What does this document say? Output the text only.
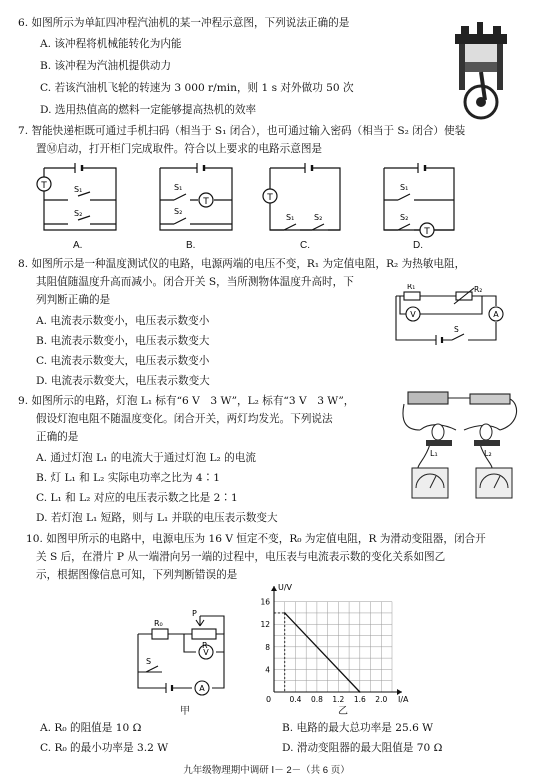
6. 如图所示为单缸四冲程汽油机的某一冲程示意图，下列说法正确的是
A. 该冲程将机械能转化为内能
B. 该冲程为汽油机提供动力
C. 若该汽油机飞轮的转速为 3 000 r/min，则 1 s 对外做功 50 次
D. 选用热值高的燃料一定能够提高热机的效率
7. 智能快递柜既可通过手机扫码（相当于 S₁ 闭合），也可通过输入密码（相当于 S₂ 闭合）使装
置Ⓜ启动，打开柜门完成取件。符合以上要求的电路示意图是
T	S₁
S₂
A.
T
S₁
S₂
B.
T
S₁ S₂
C.
T
S₁
S₂
D.
8. 如图所示是一种温度测试仪的电路，电源两端的电压不变，R₁ 为定值电阻，R₂ 为热敏电阻，
其阻值随温度升高而减小。闭合开关 S，当所测物体温度升高时，下
列判断正确的是
A. 电流表示数变小，电压表示数变小
B. 电流表示数变小，电压表示数变大
C. 电流表示数变大，电压表示数变小
D. 电流表示数变大，电压表示数变大
V	A
R₁	R₂
S
9. 如图所示的电路，灯泡 L₁ 标有“6 V　3 W”，L₂ 标有“3 V　3 W”，
假设灯泡电阻不随温度变化。闭合开关，两灯均发光。下列说法
正确的是
A. 通过灯泡 L₁ 的电流大于通过灯泡 L₂ 的电流
B. 灯 L₁ 和 L₂ 实际电功率之比为 4∶1
C. L₁ 和 L₂ 对应的电压表示数之比是 2∶1
D. 若灯泡 L₁ 短路，则与 L₁ 并联的电压表示数变大
L₁	L₂
10. 如图甲所示的电路中，电源电压为 16 V 恒定不变，R₀ 为定值电阻，R 为滑动变阻器，闭合开
关 S 后，在滑片 P 从一端滑向另一端的过程中，电压表与电流表示数的变化关系如图乙
示，根据图像信息可知，下列判断错误的是
V
A
R₀
R
P
S
甲
I/A
U/V
0 0.4 0.8 1.2 1.6 2.0
4
8
12
16
乙
A. R₀ 的阻值是 10 Ω	B. 电路的最大总功率是 25.6 W
C. R₀ 的最小功率是 3.2 W	D. 滑动变阻器的最大阻值是 70 Ω
九年级物理期中调研 Ⅰ－ 2－（共 6 页）
